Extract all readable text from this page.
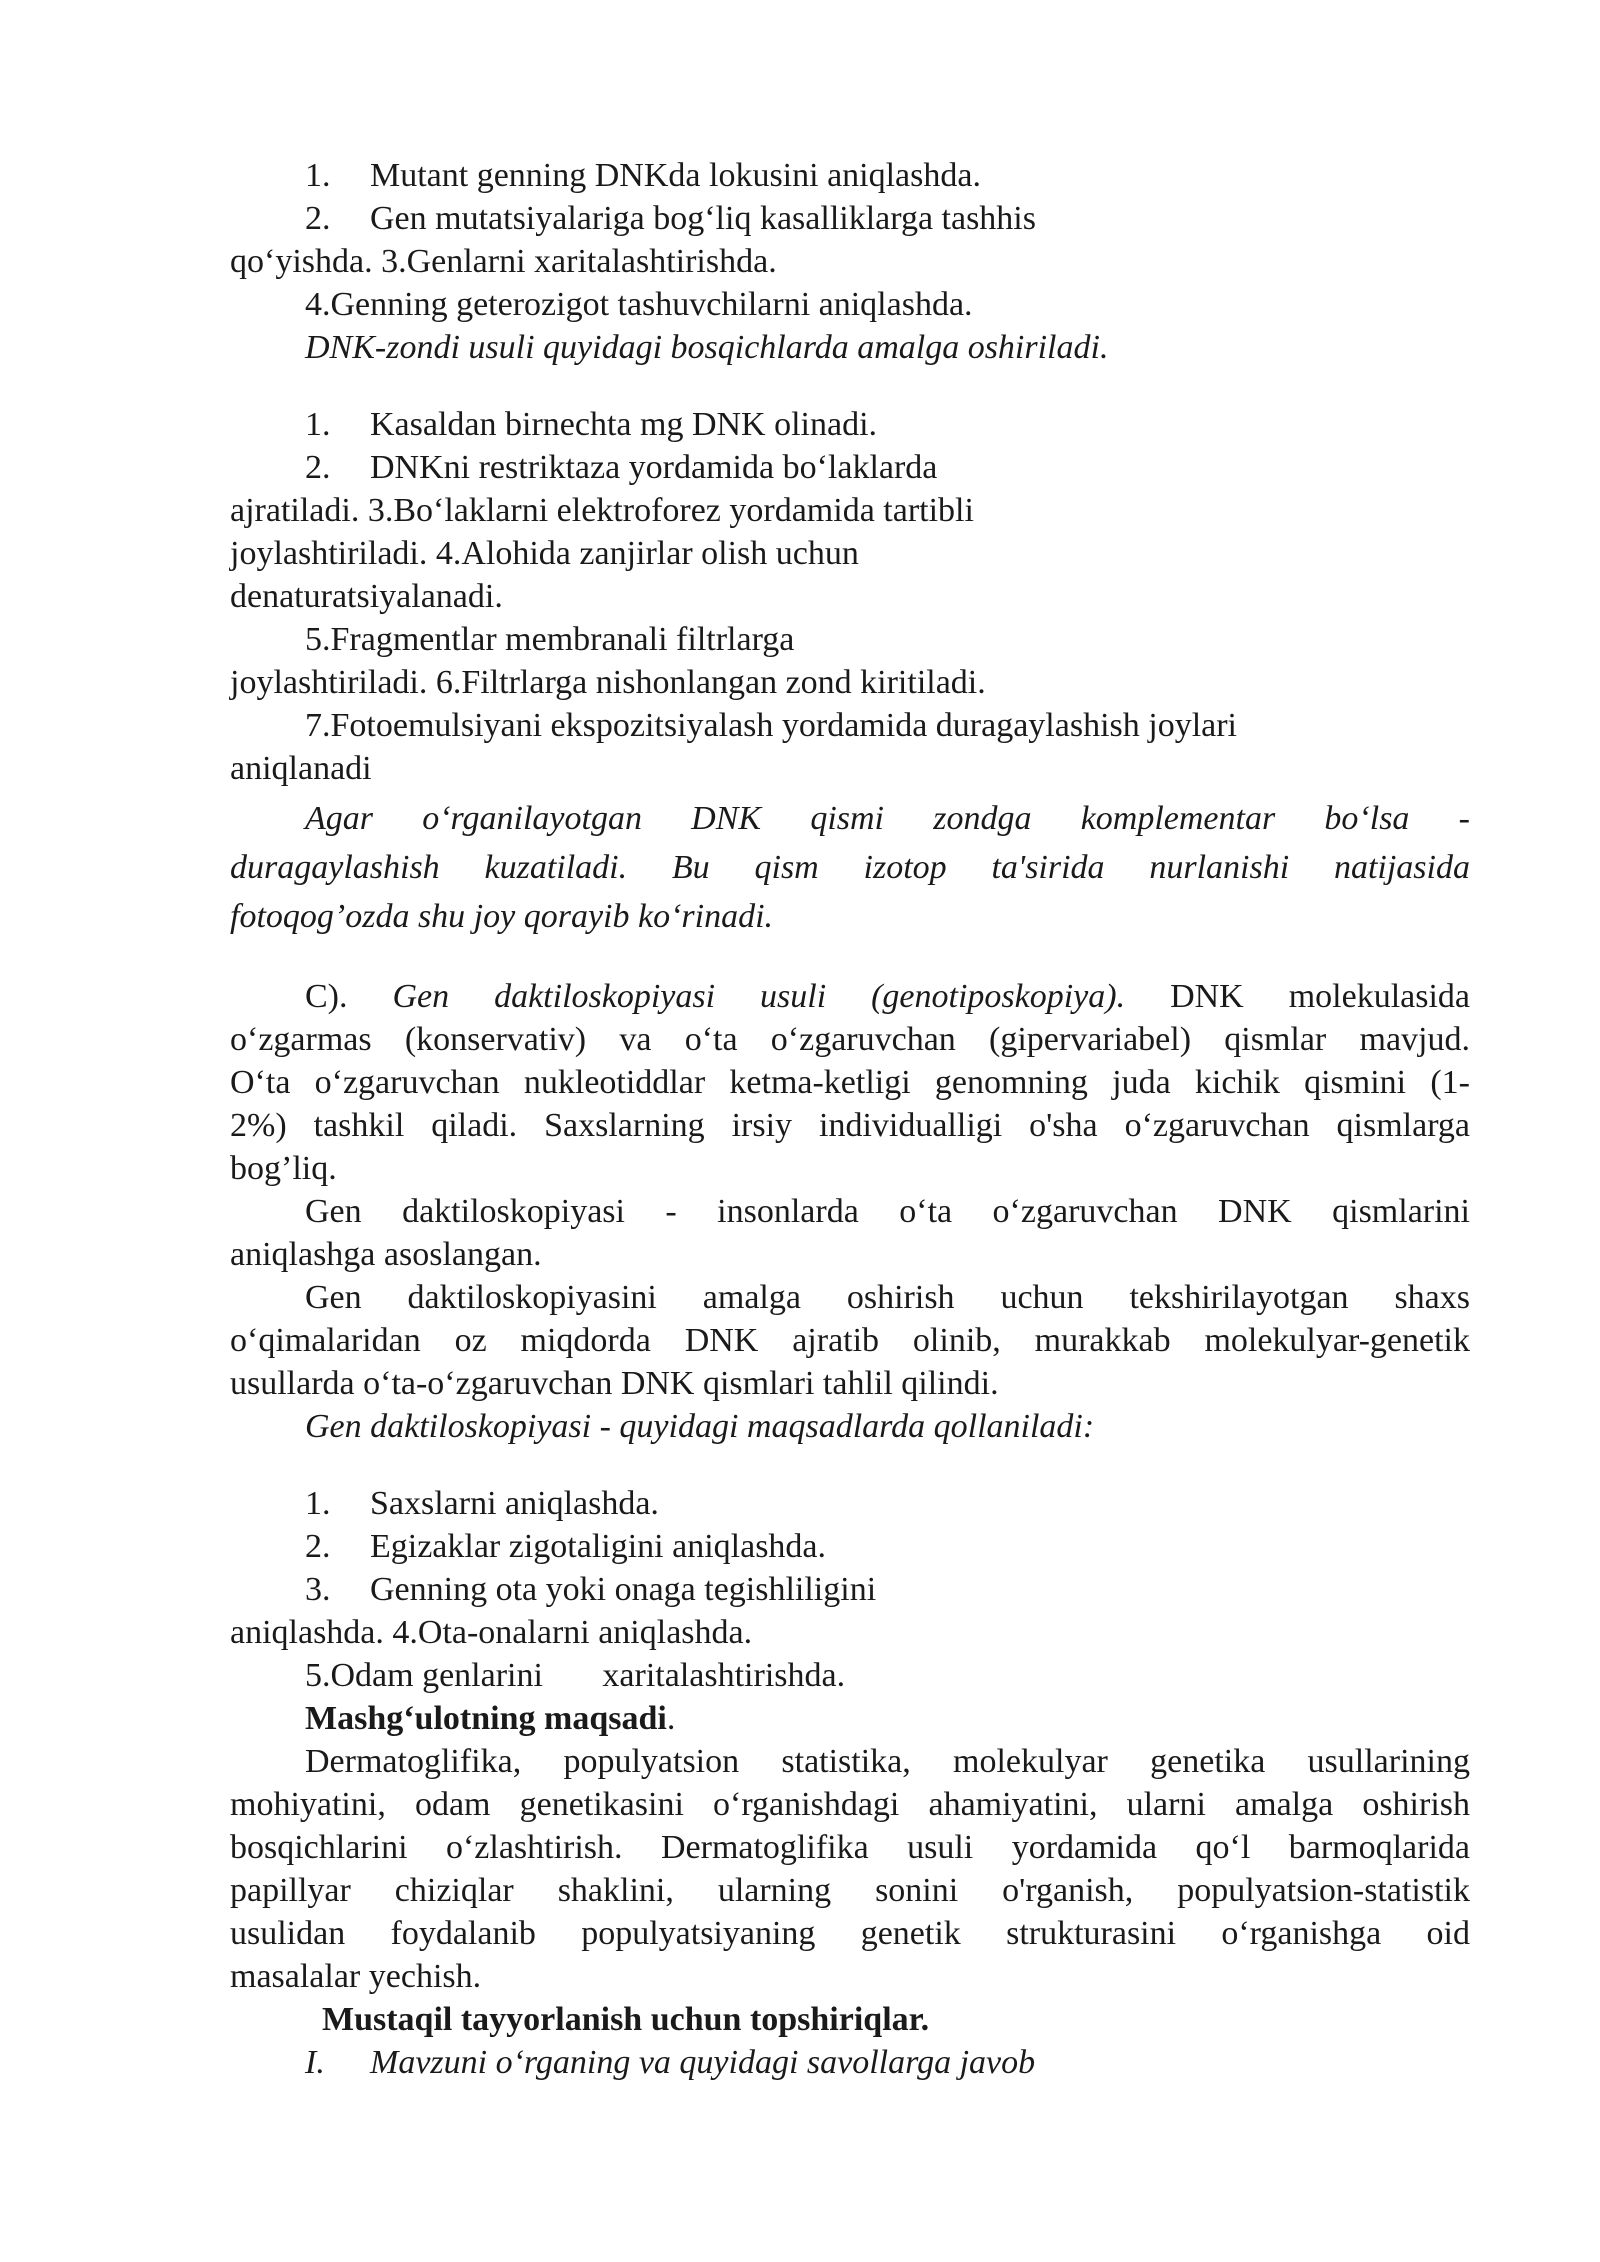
1. Mutant genning DNKda lokusini aniqlashda.
2. Gen mutatsiyalariga bog‘liq kasalliklarga tashhis
qo‘yishda. 3.Genlarni xaritalashtirishda.
4.Genning geterozigot tashuvchilarni aniqlashda.
DNK-zondi usuli quyidagi bosqichlarda amalga oshiriladi.
1. Kasaldan birnechta mg DNK olinadi.
2. DNKni restriktaza yordamida bo‘laklarda
ajratiladi. 3.Bo‘laklarni elektroforez yordamida tartibli
joylashtiriladi. 4.Alohida zanjirlar olish uchun
denaturatsiyalanadi.
5.Fragmentlar membranali filtrlarga
joylashtiriladi. 6.Filtrlarga nishonlangan zond kiritiladi.
7.Fotoemulsiyani ekspozitsiyalash yordamida duragaylashish joylari
aniqlanadi
Agar o‘rganilayotgan DNK qismi zondga komplementar bo‘lsa -
duragaylashish kuzatiladi. Bu qism izotop ta'sirida nurlanishi natijasida
fotoqog’ozda shu joy qorayib ko‘rinadi.
C). Gen daktiloskopiyasi usuli (genotiposkopiya). DNK molekulasida
o‘zgarmas (konservativ) va o‘ta o‘zgaruvchan (gipervariabel) qismlar mavjud.
O‘ta o‘zgaruvchan nukleotiddlar ketma-ketligi genomning juda kichik qismini (1-
2%) tashkil qiladi. Saxslarning irsiy individualligi o'sha o‘zgaruvchan qismlarga
bog’liq.
Gen daktiloskopiyasi - insonlarda o‘ta o‘zgaruvchan DNK qismlarini
aniqlashga asoslangan.
Gen daktiloskopiyasini amalga oshirish uchun tekshirilayotgan shaxs
o‘qimalaridan oz miqdorda DNK ajratib olinib, murakkab molekulyar-genetik
usullarda o‘ta-o‘zgaruvchan DNK qismlari tahlil qilindi.
Gen daktiloskopiyasi - quyidagi maqsadlarda qollaniladi:
1. Saxslarni aniqlashda.
2. Egizaklar zigotaligini aniqlashda.
3. Genning ota yoki onaga tegishliligini
aniqlashda. 4.Ota-onalarni aniqlashda.
5.Odam genlarini       xaritalashtirishda.
Mashg‘ulotning maqsadi.
Dermatoglifika, populyatsion statistika, molekulyar genetika usullarining
mohiyatini, odam genetikasini o‘rganishdagi ahamiyatini, ularni amalga oshirish
bosqichlarini o‘zlashtirish. Dermatoglifika usuli yordamida qo‘l barmoqlarida
papillyar chiziqlar shaklini, ularning sonini o'rganish, populyatsion-statistik
usulidan foydalanib populyatsiyaning genetik strukturasini o‘rganishga oid
masalalar yechish.
Mustaqil tayyorlanish uchun topshiriqlar.
I. Mavzuni o‘rganing va quyidagi savollarga javob
